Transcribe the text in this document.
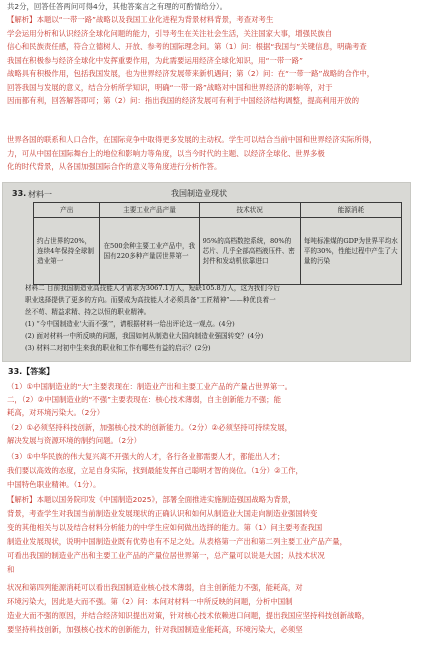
共2分，回答任答两问可得4分，其他答案言之有理的可酌情给分）。
【解析】本题以“一带一路”战略以及我国工业化进程为背景材料背景，考查对考生
学会运用分析和认识经济全球化问题的能力，引导考生在关注社会生活，关注国家大事，增强民族自
信心和民族责任感，符合立德树人、开放、参考的国际理念问。第（1）问：根据“我国与”关键信息，明确考查
我国在积极参与经济全球化中发挥重要作用，为此需要运用经济全球化知识，用“一带一路”
战略具有积极作用，包括我国发展，也为世界经济发展带来新机遇问；第（2）问：在“一带一路”战略的合作中，
回答我国与发展的意义，结合分析所学知识，明确“一带一路”战略对中国和世界经济的影响等，对于
因而都有利，回答解答即可；第（2）问：指出我国的经济发展可有利于中国经济结构调整，提高利用开放的
世界各国的联系和人口合作，在国际竞争中取得更多发展的主动权。学生可以结合当前中国和世界经济实际所得，
力，可从中国在国际舞台上的地位和影响力等角度，以当今时代的主题、以经济全球化、世界多极
化的时代背景，从各国加强国际合作的意义等角度进行分析作答。
33. 材料一	我国制造业现状
产出	主要工业产品产量	技术状况	能源消耗
约占世界的20%，连续4年保持全球制造业第一	在500余种主要工业产品中，我国有220多种产量居世界第一	95%的高档数控系统，80%的芯片、几乎全部高档液压件、密封件和发动机依靠进口	每吨标准煤的GDP为世界平均水平的30%，性能过程中产生了大量的污染
材料二 目前我国制造业高技能人才需求为3067.1万人，短缺105.8万人，这为我们今后
职业选择提供了更多的方向。而要成为高技能人才必须具备“工匠精神”——种优良着一
丝不苟、精益求精、持之以恒的职业精神。
(1) “今中国制造业‘大而不强’”，请根据材料一给出评论这一观点。(4分)
(2) 面对材料一中所反映的问题，我国如何从制造业大国向制造业强国转变？(4分)
(3) 材料二对初中生来我的职业和工作有哪些有益的启示？(2分)
33.【答案】
（1）①中国制造业的“大”主要表现在：制造业产出和主要工业产品的产量占世界第一。
二，（2）②中国制造业的“不强”主要表现在：核心技术薄弱，自主创新能力不强；能
耗高，对环境污染大。（2分）
（2）①必须坚持科技创新，加强核心技术的创新能力。（2分）②必须坚持可持续发展，
解决发展与资源环境的制约问题。（2分）
（3）①中华民族的伟大复兴离不开强大的人才，各行各业都需要人才，都能出人才；
我们要以高效的态度，立足自身实际，找到最能发挥自己聪明才智的岗位。（1分）②工作，
中国特色职业精神。（1分）。
【解析】本题以国务院印发《中国制造2025》，部署全面推进实施制造强国战略为背景，
背景，考查学生对我国当前制造业发展现状的正确认识和如何从制造业大国走向制造业强国转变
变的其他相关与以及结合材料分析能力的中学生应如何做出选择的能力。第（1）问主要考查我国
制造业发展现状，说明中国制造业既有优势也有不足之处。从表格第一产出和第二列主要工业产品产量，
可看出我国的制造业产出和主要工业产品的产量位居世界第一，总产量可以说是大国；从技术状况
和
状况和第四列能源消耗可以看出我国制造业核心技术薄弱，自主创新能力不强，能耗高，对
环境污染大，因此是大而不强。第（2）问：本问对材料一中所反映的问题，分析中国制
造业大而不强的原因，并结合经济知识提出对策，针对核心技术依赖进口问题，提出我国应坚持科技创新战略，
要坚持科技创新，加强核心技术的创新能力，针对我国制造业能耗高，环境污染大，必须坚
